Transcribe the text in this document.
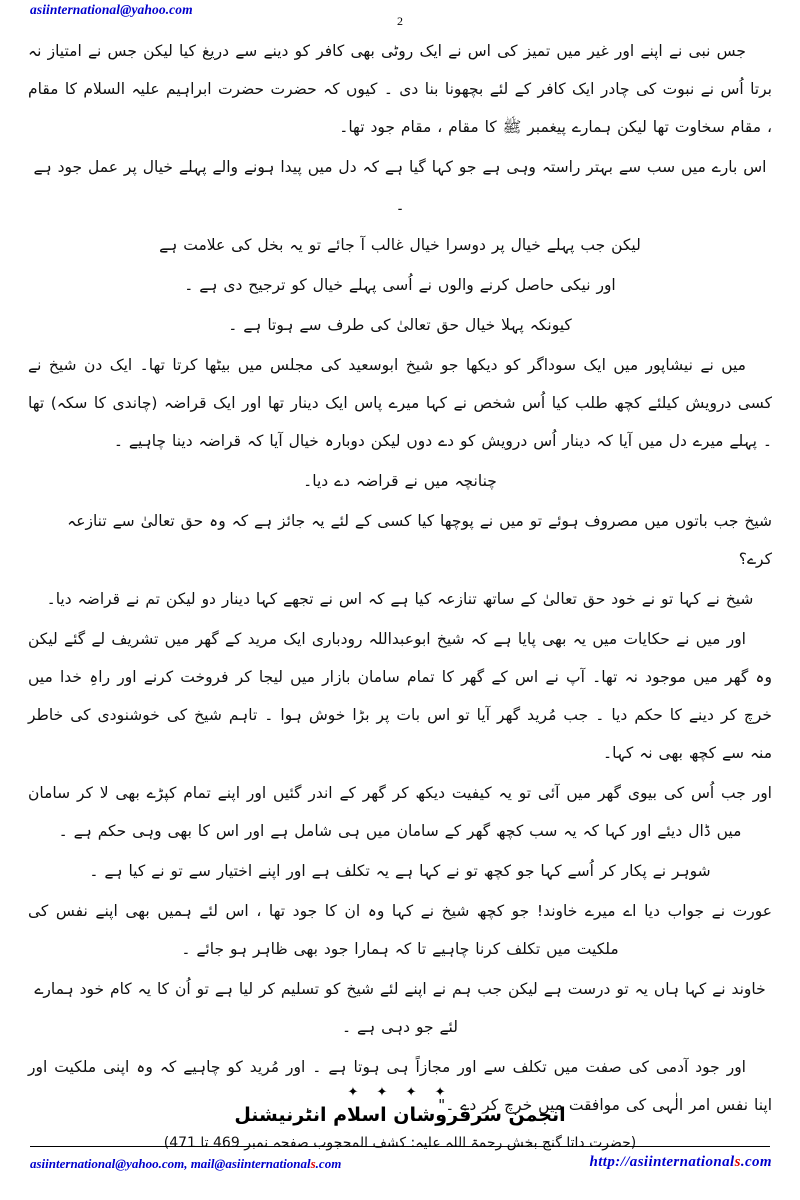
asiinternational@yahoo.com
2

جس نبی نے اپنے اور غیر میں تمیز کی اس نے ایک روٹی بھی کافر کو دینے سے دریغ کیا لیکن جس نے امتیاز نہ برتا اُس نے نبوت کی چادر ایک کافر کے لئے بچھونا بنا دی ۔ کیوں کہ حضرت حضرت ابراہیم علیہ السلام کا مقام ، مقام سخاوت تھا لیکن ہمارے پیغمبر ﷺ کا مقام ، مقام جود تھا۔

اس بارے میں سب سے بہتر راستہ وہی ہے جو کہا گیا ہے کہ دل میں پیدا ہونے والے پہلے خیال پر عمل جود ہے ۔

لیکن جب پہلے خیال پر دوسرا خیال غالب آ جائے تو یہ بخل کی علامت ہے

اور نیکی حاصل کرنے والوں نے اُسی پہلے خیال کو ترجیح دی ہے ۔

کیونکہ پہلا خیال حق تعالیٰ کی طرف سے ہوتا ہے ۔

میں نے نیشاپور میں ایک سوداگر کو دیکھا جو شیخ ابوسعید کی مجلس میں بیٹھا کرتا تھا۔ ایک دن شیخ نے کسی درویش کیلئے کچھ طلب کیا اُس شخص نے کہا میرے پاس ایک دینار تھا اور ایک قراضہ (چاندی کا سکہ) تھا ۔ پہلے میرے دل میں آیا کہ دینار اُس درویش کو دے دوں لیکن دوبارہ خیال آیا کہ قراضہ دینا چاہیے ۔

چنانچہ میں نے قراضہ دے دیا۔

شیخ جب باتوں میں مصروف ہوئے تو میں نے پوچھا کیا کسی کے لئے یہ جائز ہے کہ وہ حق تعالیٰ سے تنازعہ کرے؟

شیخ نے کہا تو نے خود حق تعالیٰ کے ساتھ تنازعہ کیا ہے کہ اس نے تجھے کہا دینار دو لیکن تم نے قراضہ دیا۔

اور میں نے حکایات میں یہ بھی پایا ہے کہ شیخ ابوعبداللہ رودباری ایک مرید کے گھر میں تشریف لے گئے لیکن وہ گھر میں موجود نہ تھا۔ آپ نے اس کے گھر کا تمام سامان بازار میں لیجا کر فروخت کرنے اور راہِ خدا میں خرچ کر دینے کا حکم دیا ۔ جب مُرید گھر آیا تو اس بات پر بڑا خوش ہوا ۔ تاہم شیخ کی خوشنودی کی خاطر منہ سے کچھ بھی نہ کہا۔

اور جب اُس کی بیوی گھر میں آئی تو یہ کیفیت دیکھ کر گھر کے اندر گئیں اور اپنے تمام کپڑے بھی لا کر سامان میں ڈال دیئے اور کہا کہ یہ سب کچھ گھر کے سامان میں ہی شامل ہے اور اس کا بھی وہی حکم ہے ۔

شوہر نے پکار کر اُسے کہا جو کچھ تو نے کہا ہے یہ تکلف ہے اور اپنے اختیار سے تو نے کیا ہے ۔

عورت نے جواب دیا اے میرے خاوند! جو کچھ شیخ نے کہا وہ ان کا جود تھا ، اس لئے ہمیں بھی اپنے نفس کی ملکیت میں تکلف کرنا چاہیے تا کہ ہمارا جود بھی ظاہر ہو جائے ۔

خاوند نے کہا ہاں یہ تو درست ہے لیکن جب ہم نے اپنے لئے شیخ کو تسلیم کر لیا ہے تو اُن کا یہ کام خود ہمارے لئے جو دہی ہے ۔

اور جود آدمی کی صفت میں تکلف سے اور مجازاً ہی ہوتا ہے ۔ اور مُرید کو چاہیے کہ وہ اپنی ملکیت اور اپنا نفس امر الٰہی کی موافقت میں خرچ کر دے ۔"

(حضرت داتا گنج بخش رحمۃ اللہ علیہ: کشف المحجوب صفحہ نمبر 469 تا 471)
✦ ✦ ✦ ✦
انجمن سرفروشان اسلام انٹرنیشنل
asiinternational@yahoo.com, mail@asiinternationals.com	http://asiinternationals.com
